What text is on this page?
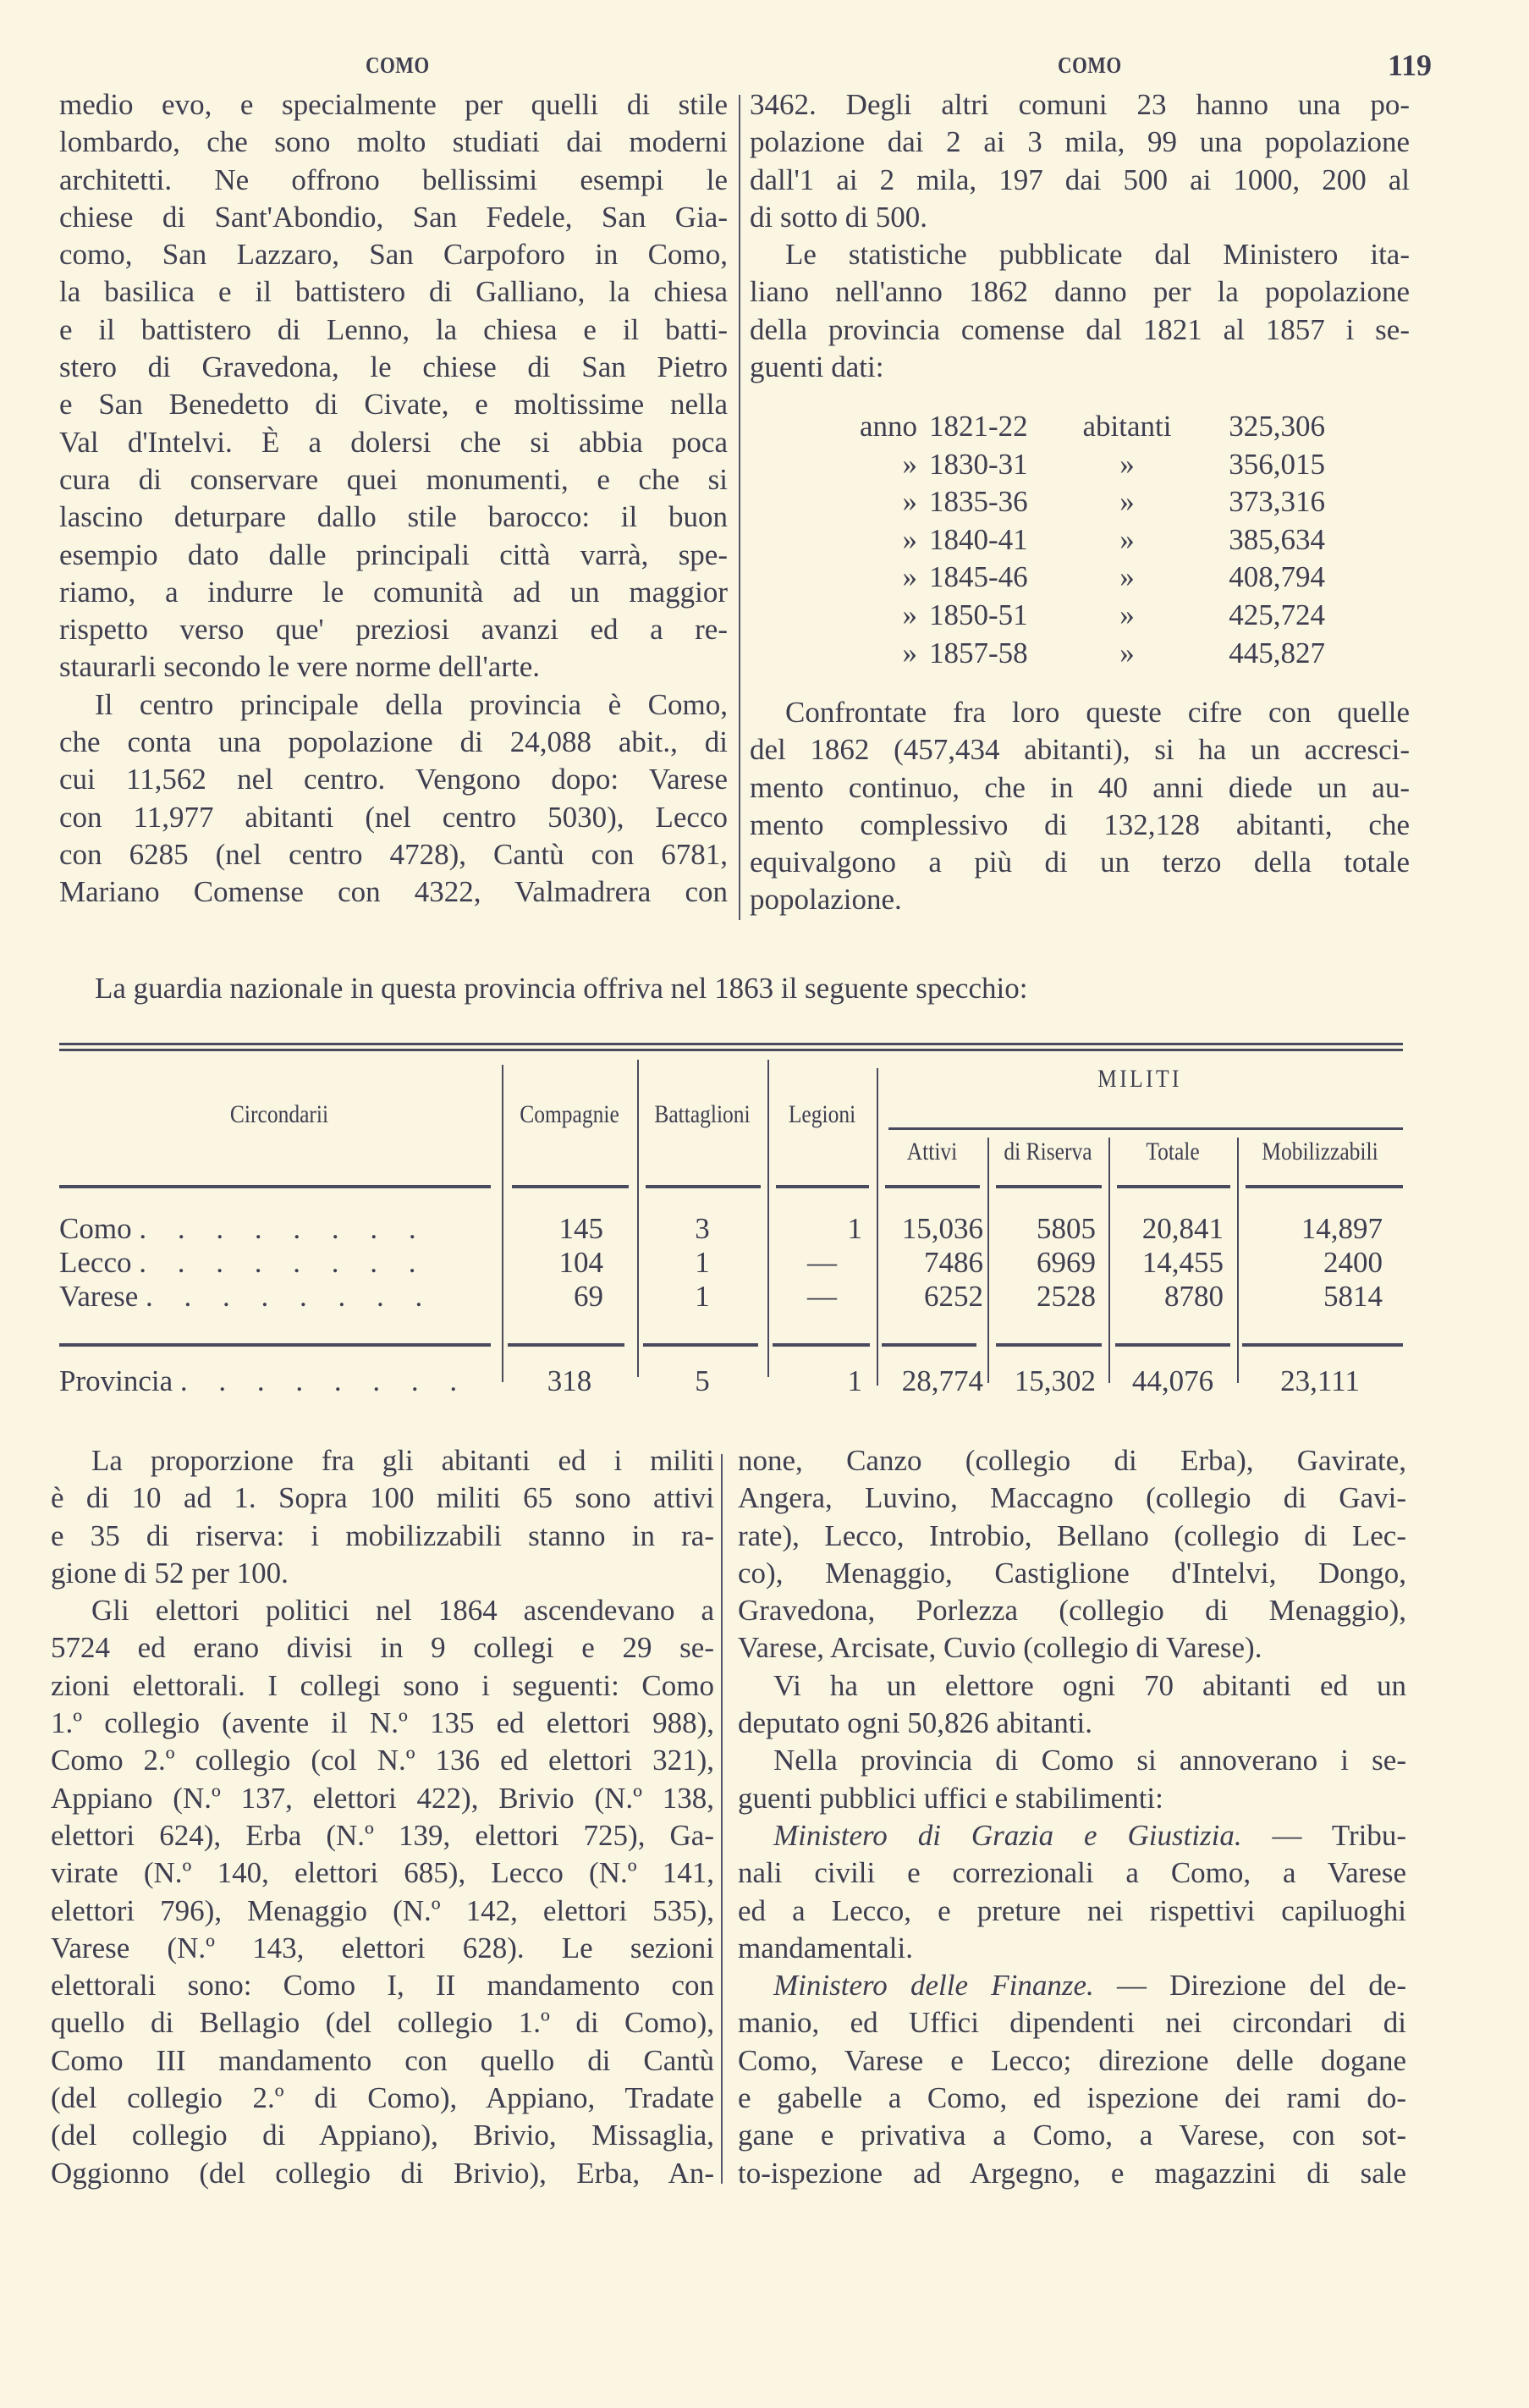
COMO	COMO	119

medio evo, e specialmente per quelli di stile
lombardo, che sono molto studiati dai moderni
architetti. Ne offrono bellissimi esempi le
chiese di Sant'Abondio, San Fedele, San Gia-
como, San Lazzaro, San Carpoforo in Como,
la basilica e il battistero di Galliano, la chiesa
e il battistero di Lenno, la chiesa e il batti-
stero di Gravedona, le chiese di San Pietro
e San Benedetto di Civate, e moltissime nella
Val d'Intelvi. È a dolersi che si abbia poca
cura di conservare quei monumenti, e che si
lascino deturpare dallo stile barocco: il buon
esempio dato dalle principali città varrà, spe-
riamo, a indurre le comunità ad un maggior
rispetto verso que' preziosi avanzi ed a re-
staurarli secondo le vere norme dell'arte.

Il centro principale della provincia è Como,
che conta una popolazione di 24,088 abit., di
cui 11,562 nel centro. Vengono dopo: Varese
con 11,977 abitanti (nel centro 5030), Lecco
con 6285 (nel centro 4728), Cantù con 6781,
Mariano Comense con 4322, Valmadrera con

3462. Degli altri comuni 23 hanno una po-
polazione dai 2 ai 3 mila, 99 una popolazione
dall'1 ai 2 mila, 197 dai 500 ai 1000, 200 al
di sotto di 500.

Le statistiche pubblicate dal Ministero ita-
liano nell'anno 1862 danno per la popolazione
della provincia comense dal 1821 al 1857 i se-
guenti dati:

anno 1821-22	abitanti	325,306
» 1830-31	»	356,015
» 1835-36	»	373,316
» 1840-41	»	385,634
» 1845-46	»	408,794
» 1850-51	»	425,724
» 1857-58	»	445,827
Confrontate fra loro queste cifre con quelle
del 1862 (457,434 abitanti), si ha un accresci-
mento continuo, che in 40 anni diede un au-
mento complessivo di 132,128 abitanti, che
equivalgono a più di un terzo della totale
popolazione.
La guardia nazionale in questa provincia offriva nel 1863 il seguente specchio:
Circondarii	Compagnie	Battaglioni	Legioni
MILITI
Attivi	di Riserva	Totale	Mobilizzabili
Como . . . . . . . .	145	3	1	15,036	5805	20,841	14,897
Lecco . . . . . . . .	104	1	—	7486	6969	14,455	2400
Varese . . . . . . . .	69	1	—	6252	2528	8780	5814
Provincia . . . . . . . .	318	5	1	28,774	15,302	44,076	23,111

La proporzione fra gli abitanti ed i militi
è di 10 ad 1. Sopra 100 militi 65 sono attivi
e 35 di riserva: i mobilizzabili stanno in ra-
gione di 52 per 100.

Gli elettori politici nel 1864 ascendevano a
5724 ed erano divisi in 9 collegi e 29 se-
zioni elettorali. I collegi sono i seguenti: Como
1.º collegio (avente il N.º 135 ed elettori 988),
Como 2.º collegio (col N.º 136 ed elettori 321),
Appiano (N.º 137, elettori 422), Brivio (N.º 138,
elettori 624), Erba (N.º 139, elettori 725), Ga-
virate (N.º 140, elettori 685), Lecco (N.º 141,
elettori 796), Menaggio (N.º 142, elettori 535),
Varese (N.º 143, elettori 628). Le sezioni
elettorali sono: Como I, II mandamento con
quello di Bellagio (del collegio 1.º di Como),
Como III mandamento con quello di Cantù
(del collegio 2.º di Como), Appiano, Tradate
(del collegio di Appiano), Brivio, Missaglia,
Oggionno (del collegio di Brivio), Erba, An-

none, Canzo (collegio di Erba), Gavirate,
Angera, Luvino, Maccagno (collegio di Gavi-
rate), Lecco, Introbio, Bellano (collegio di Lec-
co), Menaggio, Castiglione d'Intelvi, Dongo,
Gravedona, Porlezza (collegio di Menaggio),
Varese, Arcisate, Cuvio (collegio di Varese).

Vi ha un elettore ogni 70 abitanti ed un
deputato ogni 50,826 abitanti.

Nella provincia di Como si annoverano i se-
guenti pubblici uffici e stabilimenti:

Ministero di Grazia e Giustizia. — Tribu-
nali civili e correzionali a Como, a Varese
ed a Lecco, e preture nei rispettivi capiluoghi
mandamentali.

Ministero delle Finanze. — Direzione del de-
manio, ed Uffici dipendenti nei circondari di
Como, Varese e Lecco; direzione delle dogane
e gabelle a Como, ed ispezione dei rami do-
gane e privativa a Como, a Varese, con sot-
to-ispezione ad Argegno, e magazzini di sale
